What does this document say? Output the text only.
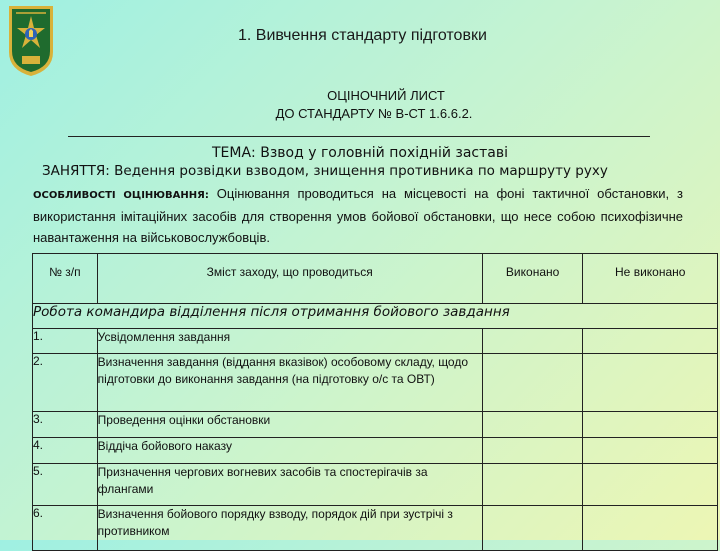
1. Вивчення стандарту підготовки
ОЦІНОЧНИЙ ЛИСТ
ДО СТАНДАРТУ № В-СТ 1.6.6.2.
ТЕМА: Взвод у головній похідній заставі
ЗАНЯТТЯ: Ведення розвідки взводом, знищення противника по маршруту руху
ОСОБЛИВОСТІ ОЦІНЮВАННЯ: Оцінювання проводиться на місцевості на фоні тактичної обстановки, з використання імітаційних засобів для створення умов бойової обстановки, що несе собою психофізичне навантаження на військовослужбовців.
№ з/п	Зміст заходу, що проводиться	Виконано	Не виконано
Робота командира відділення після отримання бойового завдання			
1.	Усвідомлення завдання		
2.	Визначення завдання (віддання вказівок) особовому складу, щодо підготовки до виконання завдання (на підготовку о/с та ОВТ)		
3.	Проведення оцінки обстановки		
4.	Віддіча бойового наказу		
5.	Призначення чергових вогневих засобів та спостерігачів за флангами		
6.	Визначення бойового порядку взводу, порядок дій при зустрічі з противником		
